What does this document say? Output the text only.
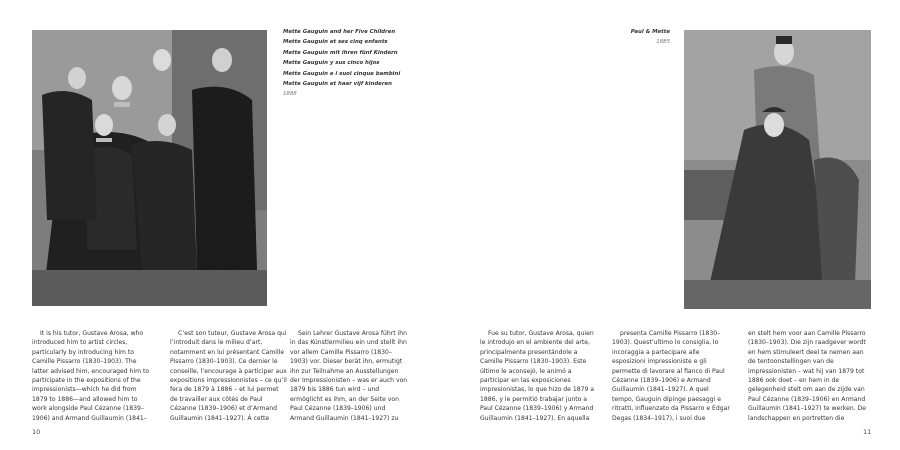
Mette Gauguin and her Five Children
Mette Gauguin et ses cinq enfants
Mette Gauguin mit ihren fünf Kindern
Mette Gauguin y sus cinco hijos
Mette Gauguin e i suoi cinque bambini
Mette Gauguin et haar vijf kinderen
1888
Paul & Mette
1885
It is his tutor, Gustave Arosa, who introduced him to artist circles, particularly by introducing him to Camille Pissarro (1830–1903). The latter advised him, encouraged him to participate in the expositions of the impressionists—which he did from 1879 to 1886—and allowed him to work alongside Paul Cézanne (1839–1906) and Armand Guillaumin (1841–
C’est son tuteur, Gustave Arosa qui l’introduit dans le milieu d’art, notamment en lui présentant Camille Pissarro (1830–1903). Ce dernier le conseille, l’encourage à participer aux expositions impressionnistes – ce qu’il fera de 1879 à 1886 – et lui permet de travailler aux côtés de Paul Cézanne (1839–1906) et d’Armand Guillaumin (1841–1927). À cette
Sein Lehrer Gustave Arosa führt ihn in das Künstlermilieu ein und stellt ihn vor allem Camille Pissarro (1830–1903) vor. Dieser berät ihn, ermutigt ihn zur Teilnahme an Ausstellungen der Impressionisten – was er auch von 1879 bis 1886 tun wird – und ermöglicht es ihm, an der Seite von Paul Cézanne (1839–1906) und Armand Guillaumin (1841–1927) zu
Fue su tutor, Gustave Arosa, quien le introdujo en el ambiente del arte, principalmente presentándole a Camille Pissarro (1830–1903). Este último le aconsejó, le animó a participar en las exposiciones impresionistas, lo que hizo de 1879 a 1886, y le permitió trabajar junto a Paul Cézanne (1839–1906) y Armand Guillaumin (1841–1927). En aquella
presenta Camille Pissarro (1830–1903). Quest’ultimo lo consiglia, lo incoraggia a partecipare alle esposizioni impressioniste e gli permette di lavorare al fianco di Paul Cézanne (1839–1906) e Armand Guillaumin (1841–1927). A quel tempo, Gauguin dipinge paesaggi e ritratti, influenzato da Pissarro e Edgar Degas (1834–1917), i suoi due
en stelt hem voor aan Camille Pissarro (1830–1903). Die zijn raadgever wordt en hem stimuleert deel te nemen aan de tentoonstellingen van de impressionisten – wat hij van 1879 tot 1886 ook doet – en hem in de gelegenheid stelt om aan de zijde van Paul Cézanne (1839–1906) en Armand Guillaumin (1841–1927) te werken. De landschappen en portretten die
10	11
